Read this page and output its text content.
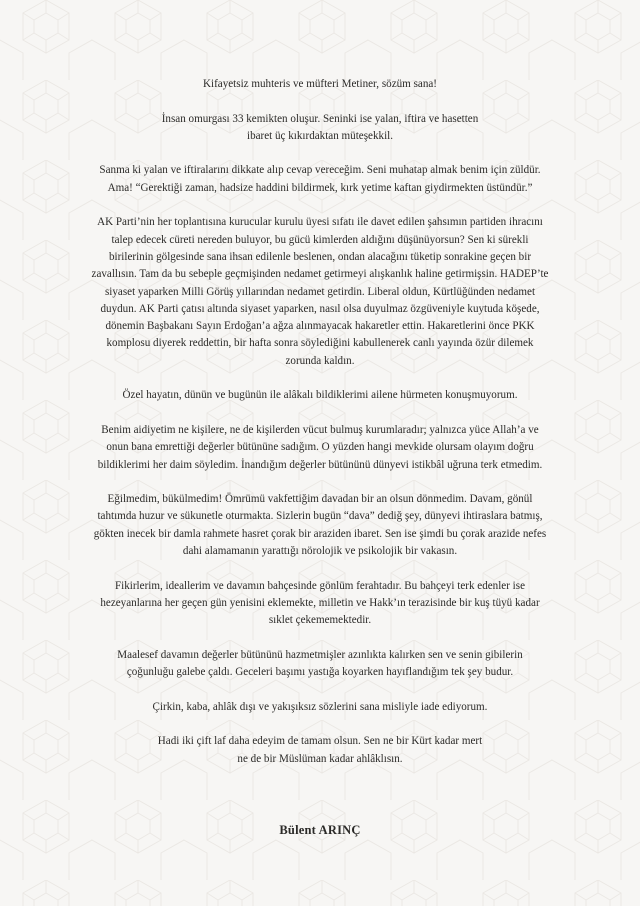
Kifayetsiz muhteris ve müfteri Metiner, sözüm sana!

İnsan omurgası 33 kemikten oluşur. Seninki ise yalan, iftira ve hasetten
ibaret üç kıkırdaktan müteşekkil.

Sanma ki yalan ve iftiralarını dikkate alıp cevap vereceğim. Seni muhatap almak benim için züldür.
Ama! “Gerektiği zaman, hadsize haddini bildirmek, kırk yetime kaftan giydirmekten üstündür.”

AK Parti’nin her toplantısına kurucular kurulu üyesi sıfatı ile davet edilen şahsımın partiden ihracını
talep edecek cüreti nereden buluyor, bu gücü kimlerden aldığını düşünüyorsun? Sen ki sürekli
birilerinin gölgesinde sana ihsan edilenle beslenen, ondan alacağını tüketip sonrakine geçen bir
zavallısın. Tam da bu sebeple geçmişinden nedamet getirmeyi alışkanlık haline getirmişsin. HADEP’te
siyaset yaparken Milli Görüş yıllarından nedamet getirdin. Liberal oldun, Kürtlüğünden nedamet
duydun. AK Parti çatısı altında siyaset yaparken, nasıl olsa duyulmaz özgüveniyle kuytuda köşede,
dönemin Başbakanı Sayın Erdoğan’a ağza alınmayacak hakaretler ettin. Hakaretlerini önce PKK
komplosu diyerek reddettin, bir hafta sonra söylediğini kabullenerek canlı yayında özür dilemek
zorunda kaldın.

Özel hayatın, dünün ve bugünün ile alâkalı bildiklerimi ailene hürmeten konuşmuyorum.

Benim aidiyetim ne kişilere, ne de kişilerden vücut bulmuş kurumlaradır; yalnızca yüce Allah’a ve
onun bana emrettiği değerler bütününe sadığım. O yüzden hangi mevkide olursam olayım doğru
bildiklerimi her daim söyledim. İnandığım değerler bütününü dünyevi istikbâl uğruna terk etmedim.

Eğilmedim, bükülmedim! Ömrümü vakfettiğim davadan bir an olsun dönmedim. Davam, gönül
tahtımda huzur ve sükunetle oturmakta. Sizlerin bugün “dava” dediğ şey, dünyevi ihtiraslara batmış,
gökten inecek bir damla rahmete hasret çorak bir araziden ibaret. Sen ise şimdi bu çorak arazide nefes
dahi alamamanın yarattığı nörolojik ve psikolojik bir vakasın.

Fikirlerim, ideallerim ve davamın bahçesinde gönlüm ferahtadır. Bu bahçeyi terk edenler ise
hezeyanlarına her geçen gün yenisini eklemekte, milletin ve Hakk’ın terazisinde bir kuş tüyü kadar
sıklet çekememektedir.

Maalesef davamın değerler bütününü hazmetmişler azınlıkta kalırken sen ve senin gibilerin
çoğunluğu galebe çaldı. Geceleri başımı yastığa koyarken hayıflandığım tek şey budur.

Çirkin, kaba, ahlâk dışı ve yakışıksız sözlerini sana misliyle iade ediyorum.

Hadi iki çift laf daha edeyim de tamam olsun. Sen ne bir Kürt kadar mert
ne de bir Müslüman kadar ahlâklısın.

Bülent ARINÇ
